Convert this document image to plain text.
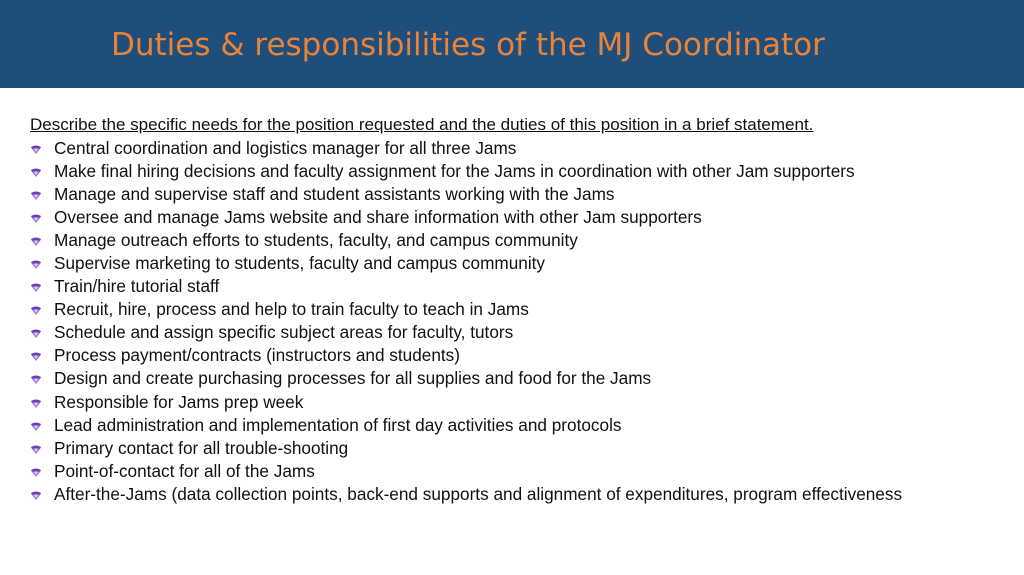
Duties & responsibilities of the MJ Coordinator
Describe the specific needs for the position requested and the duties of this position in a brief statement.
Central coordination and logistics manager for all three Jams
Make final hiring decisions and faculty assignment for the Jams in coordination with other Jam supporters
Manage and supervise staff and student assistants working with the Jams
Oversee and manage Jams website and share information with other Jam supporters
Manage outreach efforts to students, faculty, and campus community
Supervise marketing to students, faculty and campus community
Train/hire tutorial staff
Recruit, hire, process and help to train faculty to teach in Jams
Schedule and assign specific subject areas for faculty, tutors
Process payment/contracts (instructors and students)
Design and create purchasing processes for all supplies and food for the Jams
Responsible for Jams prep week
Lead administration and implementation of first day activities and protocols
Primary contact for all trouble-shooting
Point-of-contact for all of the Jams
After-the-Jams (data collection points, back-end supports and alignment of expenditures, program effectiveness
